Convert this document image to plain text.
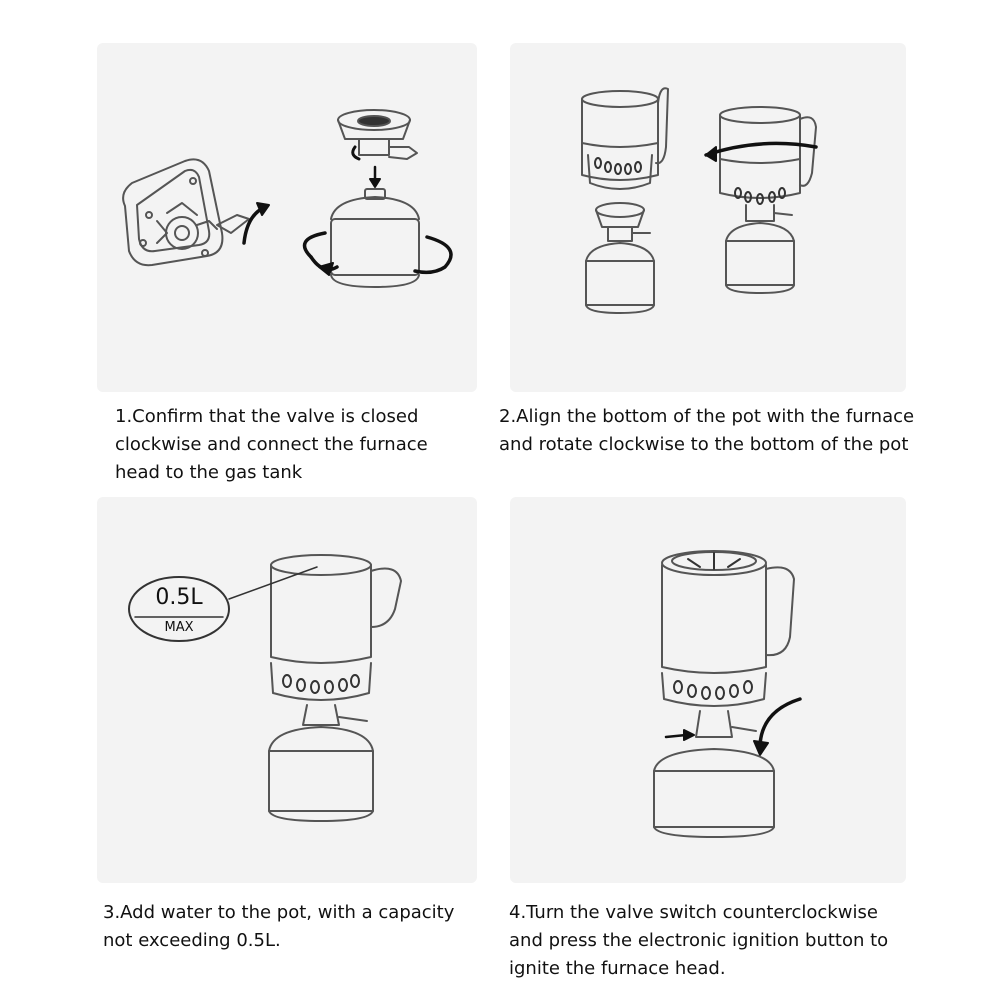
1.Confirm that the valve is closed
clockwise and connect the furnace
head to the gas tank
2.Align the bottom of the pot with the furnace
and rotate clockwise to the bottom of the pot
0.5L
MAX
3.Add water to the pot, with a capacity
not exceeding 0.5L.
4.Turn the valve switch counterclockwise
and press the electronic ignition button to
ignite the furnace head.
